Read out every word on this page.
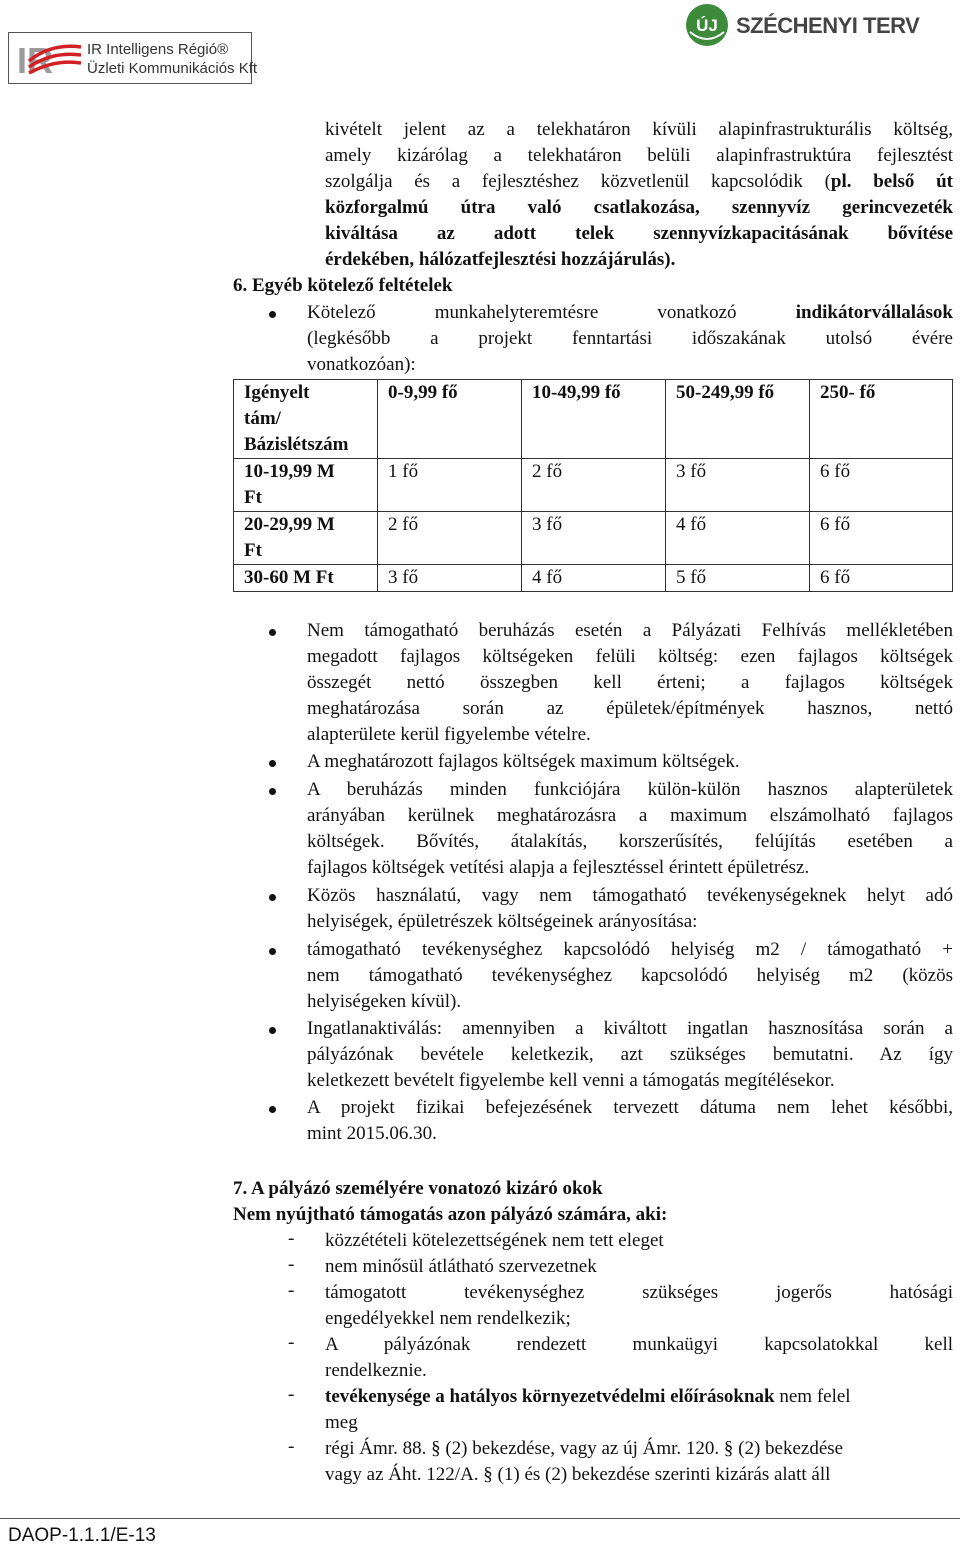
IR IR Intelligens Régió®
Üzleti Kommunikációs Kft
ÚJ SZÉCHENYI TERV
kivételt jelent az a telekhatáron kívüli alapinfrastrukturális költség,
amely kizárólag a telekhatáron belüli alapinfrastruktúra fejlesztést
szolgálja és a fejlesztéshez közvetlenül kapcsolódik (pl. belső út
közforgalmú útra való csatlakozása, szennyvíz gerincvezeték
kiváltása az adott telek szennyvízkapacitásának bővítése
érdekében, hálózatfejlesztési hozzájárulás).
6. Egyéb kötelező feltételek
Kötelező munkahelyteremtésre vonatkozó	indikátorvállalások
(legkésőbb a projekt fenntartási időszakának utolsó évére
vonatkozóan):
Igényelt
tám/
Bázislétszám	0-9,99 fő	10-49,99 fő	50-249,99 fő	250- fő

10-19,99 M
Ft	1 fő	2 fő	3 fő	6 fő

20-29,99 M
Ft	2 fő	3 fő	4 fő	6 fő

30-60 M Ft	3 fő	4 fő	5 fő	6 fő
Nem támogatható beruházás esetén a Pályázati Felhívás mellékletében
megadott fajlagos költségeken felüli költség: ezen fajlagos költségek
összegét nettó összegben kell érteni; a fajlagos költségek
meghatározása során az épületek/építmények hasznos, nettó
alapterülete kerül figyelembe vételre.
A meghatározott fajlagos költségek maximum költségek.
A beruházás minden funkciójára külön-külön hasznos alapterületek
arányában kerülnek meghatározásra a maximum elszámolható fajlagos
költségek. Bővítés, átalakítás, korszerűsítés, felújítás esetében a
fajlagos költségek vetítési alapja a fejlesztéssel érintett épületrész.
Közös használatú, vagy nem támogatható tevékenységeknek helyt adó
helyiségek, épületrészek költségeinek arányosítása:
támogatható tevékenységhez kapcsolódó helyiség m2 / támogatható +
nem támogatható tevékenységhez kapcsolódó helyiség m2 (közös
helyiségeken kívül).
Ingatlanaktiválás: amennyiben a kiváltott ingatlan hasznosítása során a
pályázónak bevétele keletkezik, azt szükséges bemutatni. Az így
keletkezett bevételt figyelembe kell venni a támogatás megítélésekor.
A projekt fizikai befejezésének tervezett dátuma nem lehet későbbi,
mint 2015.06.30.
7. A pályázó személyére vonatozó kizáró okok
Nem nyújtható támogatás azon pályázó számára, aki:
- közzétételi kötelezettségének nem tett eleget
- nem minősül átlátható szervezetnek
- támogatott tevékenységhez szükséges jogerős hatósági
engedélyekkel nem rendelkezik;
- A pályázónak rendezett munkaügyi kapcsolatokkal kell
rendelkeznie.
- tevékenysége a hatályos környezetvédelmi előírásoknak nem felel
meg
- régi Ámr. 88. § (2) bekezdése, vagy az új Ámr. 120. § (2) bekezdése
vagy az Áht. 122/A. § (1) és (2) bekezdése szerinti kizárás alatt áll
DAOP-1.1.1/E-13
